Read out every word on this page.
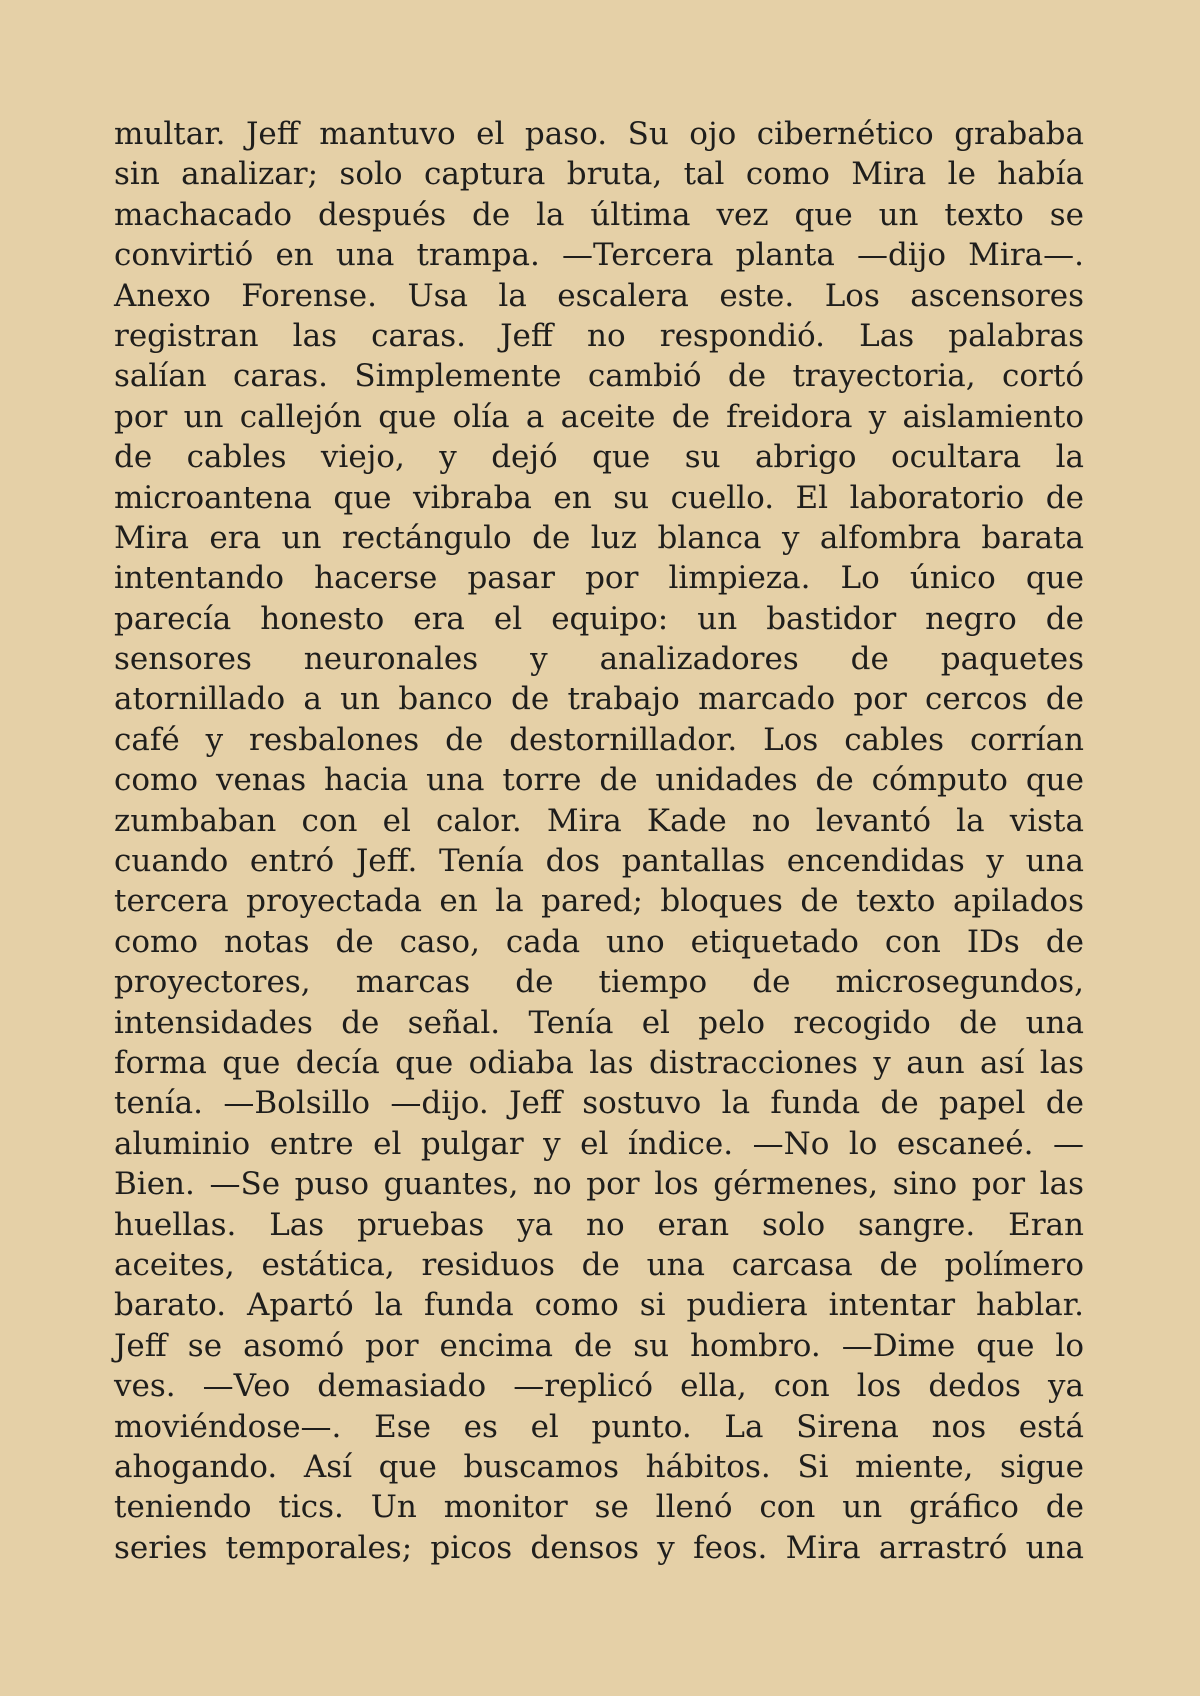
multar. Jeff mantuvo el paso. Su ojo cibernético grababa
sin analizar; solo captura bruta, tal como Mira le había
machacado después de la última vez que un texto se
convirtió en una trampa. —Tercera planta —dijo Mira—.
Anexo Forense. Usa la escalera este. Los ascensores
registran las caras. Jeff no respondió. Las palabras
salían caras. Simplemente cambió de trayectoria, cortó
por un callejón que olía a aceite de freidora y aislamiento
de cables viejo, y dejó que su abrigo ocultara la
microantena que vibraba en su cuello. El laboratorio de
Mira era un rectángulo de luz blanca y alfombra barata
intentando hacerse pasar por limpieza. Lo único que
parecía honesto era el equipo: un bastidor negro de
sensores neuronales y analizadores de paquetes
atornillado a un banco de trabajo marcado por cercos de
café y resbalones de destornillador. Los cables corrían
como venas hacia una torre de unidades de cómputo que
zumbaban con el calor. Mira Kade no levantó la vista
cuando entró Jeff. Tenía dos pantallas encendidas y una
tercera proyectada en la pared; bloques de texto apilados
como notas de caso, cada uno etiquetado con IDs de
proyectores, marcas de tiempo de microsegundos,
intensidades de señal. Tenía el pelo recogido de una
forma que decía que odiaba las distracciones y aun así las
tenía. —Bolsillo —dijo. Jeff sostuvo la funda de papel de
aluminio entre el pulgar y el índice. —No lo escaneé. —
Bien. —Se puso guantes, no por los gérmenes, sino por las
huellas. Las pruebas ya no eran solo sangre. Eran
aceites, estática, residuos de una carcasa de polímero
barato. Apartó la funda como si pudiera intentar hablar.
Jeff se asomó por encima de su hombro. —Dime que lo
ves. —Veo demasiado —replicó ella, con los dedos ya
moviéndose—. Ese es el punto. La Sirena nos está
ahogando. Así que buscamos hábitos. Si miente, sigue
teniendo tics. Un monitor se llenó con un gráfico de
series temporales; picos densos y feos. Mira arrastró una
